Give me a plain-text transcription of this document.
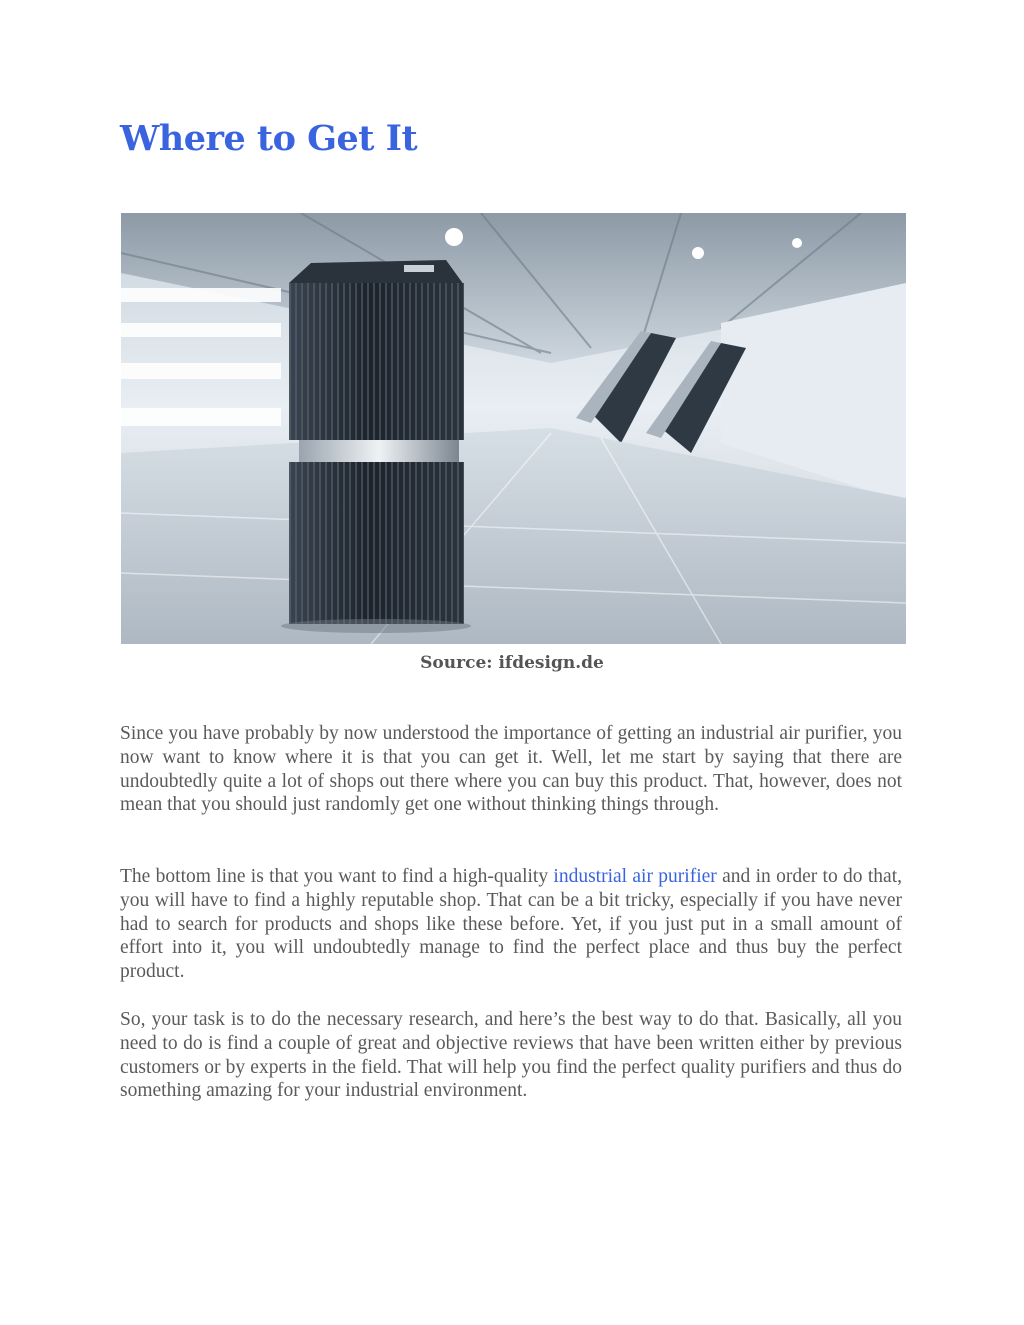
Where to Get It
Source: ifdesign.de

Since you have probably by now understood the importance of getting an industrial air purifier, you now want to know where it is that you can get it. Well, let me start by saying that there are undoubtedly quite a lot of shops out there where you can buy this product. That, however, does not mean that you should just randomly get one without thinking things through.

The bottom line is that you want to find a high-quality industrial air purifier and in order to do that, you will have to find a highly reputable shop. That can be a bit tricky, especially if you have never had to search for products and shops like these before. Yet, if you just put in a small amount of effort into it, you will undoubtedly manage to find the perfect place and thus buy the perfect product.

So, your task is to do the necessary research, and here’s the best way to do that. Basically, all you need to do is find a couple of great and objective reviews that have been written either by previous customers or by experts in the field. That will help you find the perfect quality purifiers and thus do something amazing for your industrial environment.
